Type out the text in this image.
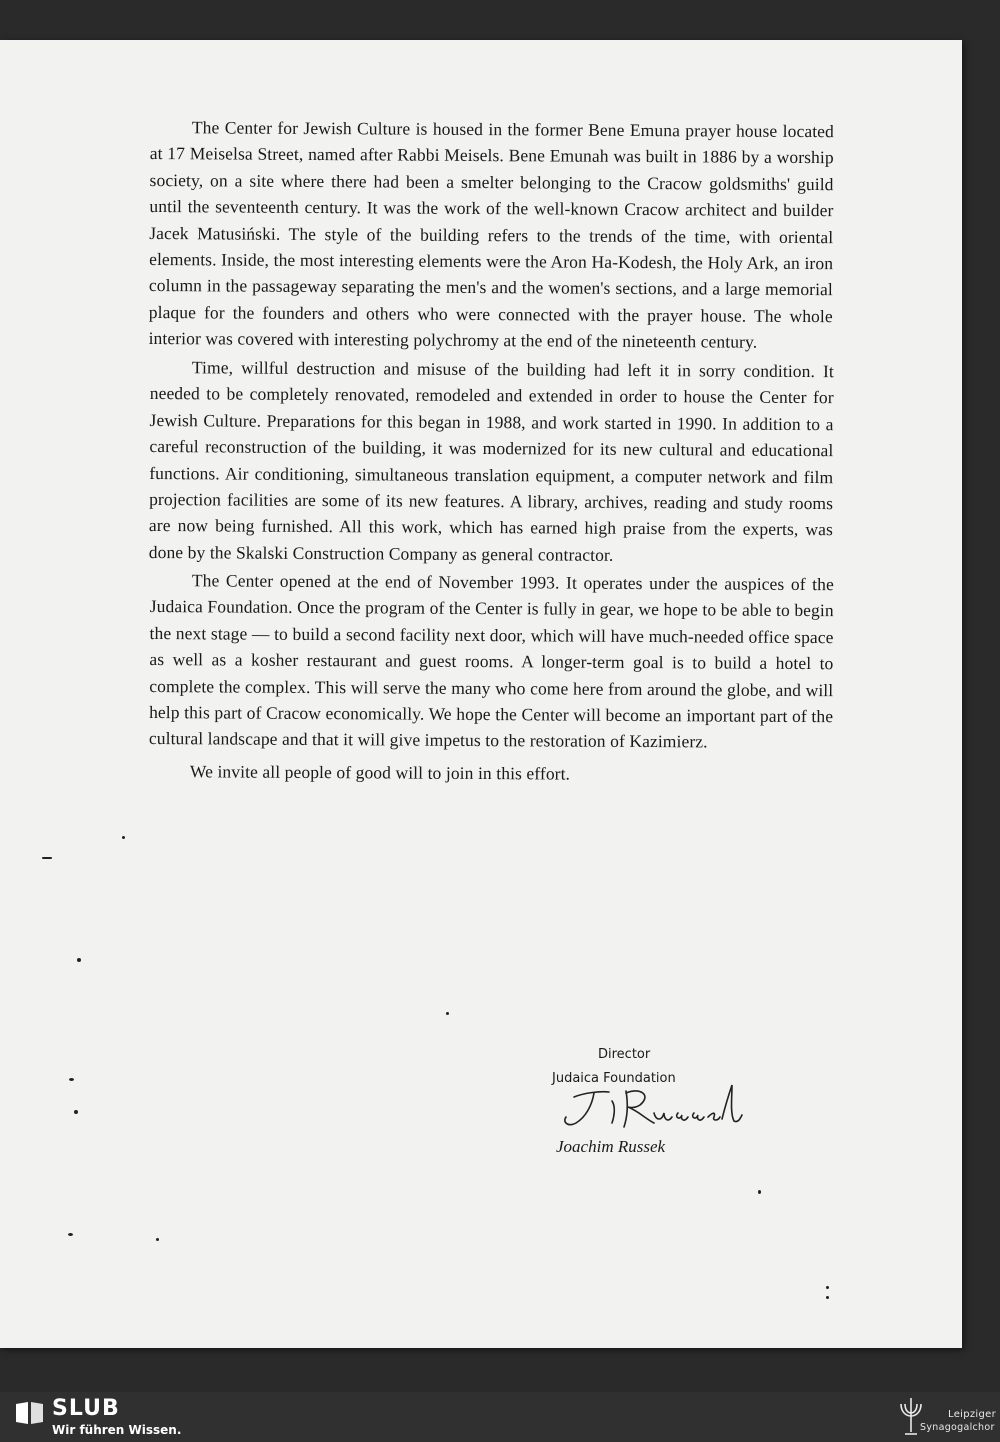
The Center for Jewish Culture is housed in the former Bene Emuna prayer house located at 17 Meiselsa Street, named after Rabbi Meisels. Bene Emunah was built in 1886 by a worship society, on a site where there had been a smelter belonging to the Cracow goldsmiths' guild until the seventeenth century. It was the work of the well-known Cracow architect and builder Jacek Matusiński. The style of the building refers to the trends of the time, with oriental elements. Inside, the most interesting elements were the Aron Ha-Kodesh, the Holy Ark, an iron column in the passageway separating the men's and the women's sections, and a large memorial plaque for the founders and others who were connected with the prayer house. The whole interior was covered with interesting polychromy at the end of the nineteenth century.

Time, willful destruction and misuse of the building had left it in sorry condition. It needed to be completely renovated, remodeled and extended in order to house the Center for Jewish Culture. Preparations for this began in 1988, and work started in 1990. In addition to a careful reconstruction of the building, it was modernized for its new cultural and educational functions. Air conditioning, simultaneous translation equipment, a computer network and film projection facilities are some of its new features. A library, archives, reading and study rooms are now being furnished. All this work, which has earned high praise from the experts, was done by the Skalski Construction Company as general contractor.

The Center opened at the end of November 1993. It operates under the auspices of the Judaica Foundation. Once the program of the Center is fully in gear, we hope to be able to begin the next stage — to build a second facility next door, which will have much-needed office space as well as a kosher restaurant and guest rooms. A longer-term goal is to build a hotel to complete the complex. This will serve the many who come here from around the globe, and will help this part of Cracow economically. We hope the Center will become an important part of the cultural landscape and that it will give impetus to the restoration of Kazimierz.

We invite all people of good will to join in this effort.

Director
Judaica Foundation
Joachim Russek
SLUB
Wir führen Wissen.
Leipziger
Synagogalchor
